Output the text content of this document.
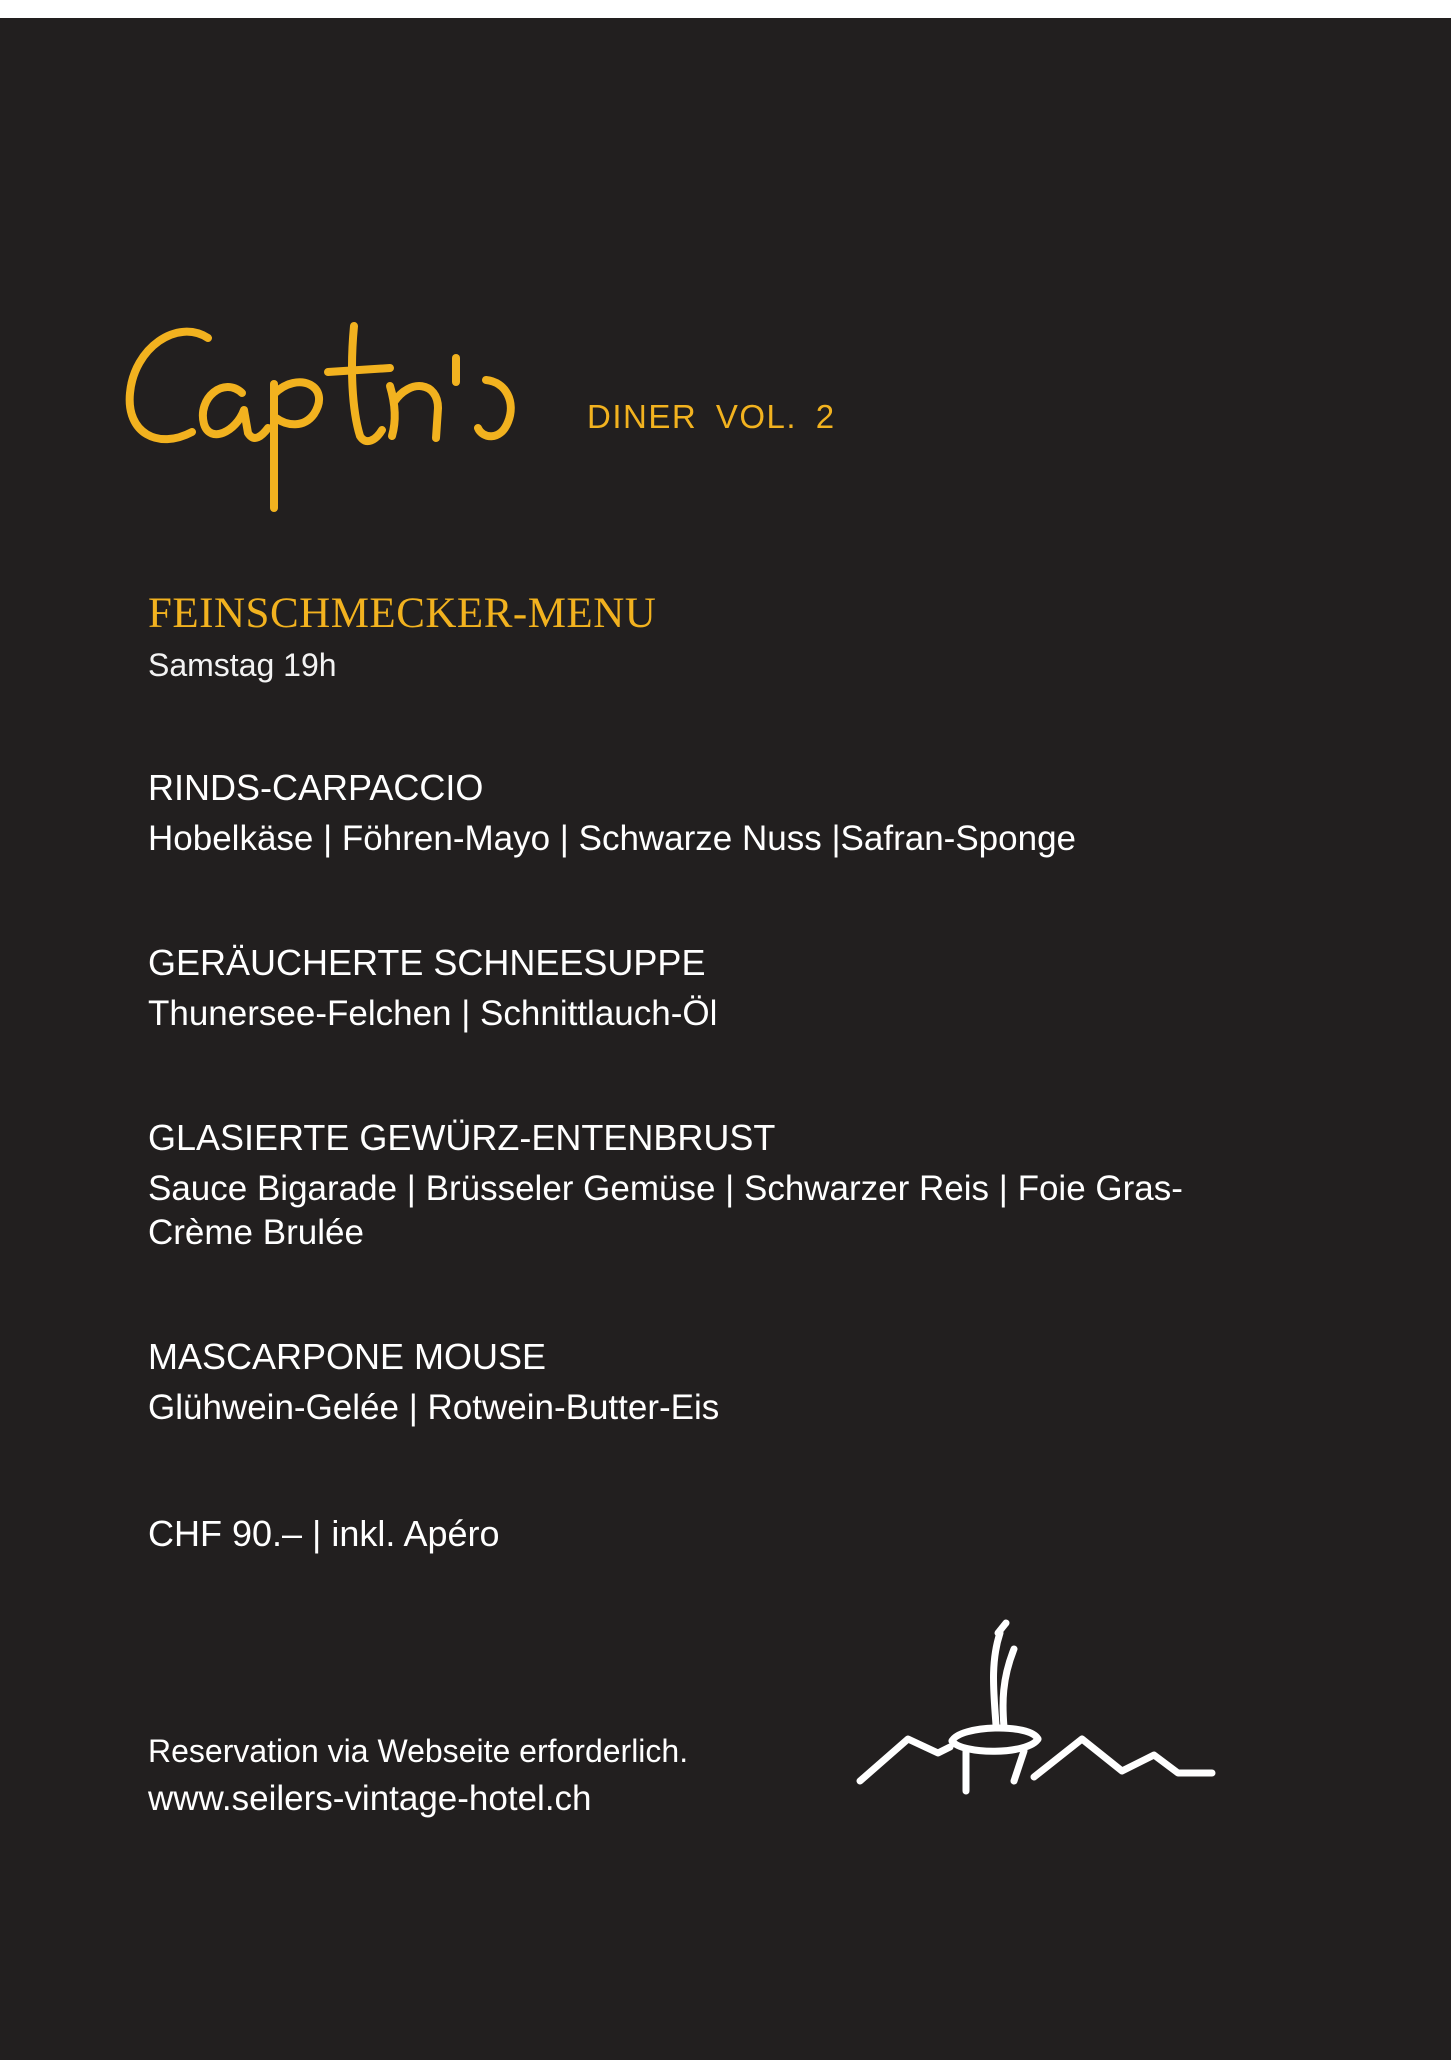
DINER VOL. 2
FEINSCHMECKER-MENU
Samstag 19h

RINDS-CARPACCIO

Hobelkäse | Föhren-Mayo | Schwarze Nuss |Safran-Sponge

GERÄUCHERTE SCHNEESUPPE

Thunersee-Felchen | Schnittlauch-Öl

GLASIERTE GEWÜRZ-ENTENBRUST

Sauce Bigarade | Brüsseler Gemüse | Schwarzer Reis | Foie Gras-Crème Brulée

MASCARPONE MOUSE

Glühwein-Gelée | Rotwein-Butter-Eis

CHF 90.– | inkl. Apéro
Reservation via Webseite erforderlich.
www.seilers-vintage-hotel.ch
